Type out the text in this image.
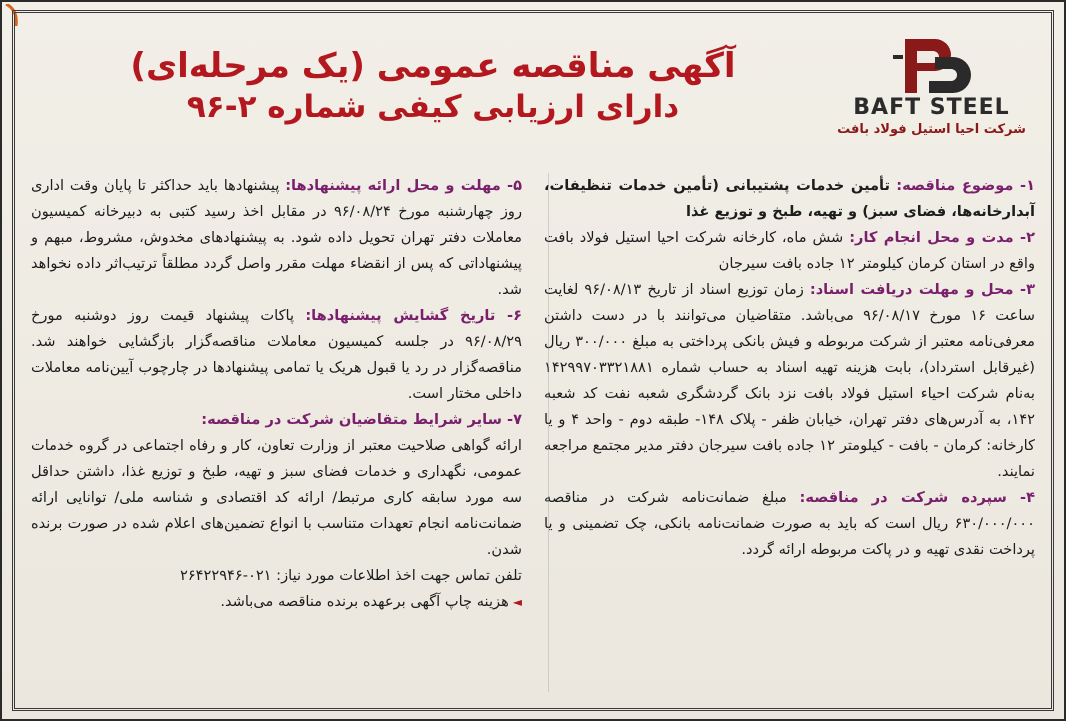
BAFT STEEL
شرکت احیا استیل فولاد بافت
آگهی مناقصه عمومی (یک مرحله‌ای)
دارای ارزیابی کیفی شماره ۲-۹۶

۱- موضوع مناقصه: تأمین خدمات پشتیبانی (تأمین خدمات تنظیفات، آبدارخانه‌ها، فضای سبز) و تهیه، طبخ و توزیع غذا

۲- مدت و محل انجام کار: شش ماه، کارخانه شرکت احیا استیل فولاد بافت واقع در استان کرمان کیلومتر ۱۲ جاده بافت سیرجان

۳- محل و مهلت دریافت اسناد: زمان توزیع اسناد از تاریخ ۹۶/۰۸/۱۳ لغایت ساعت ۱۶ مورخ ۹۶/۰۸/۱۷ می‌باشد. متقاضیان می‌توانند با در دست داشتن معرفی‌نامه معتبر از شرکت مربوطه و فیش بانکی پرداختی به مبلغ ۳۰۰/۰۰۰ ریال (غیرقابل استرداد)، بابت هزینه تهیه اسناد به حساب شماره ۱۴۲۹۹۷۰۳۳۲۱۸۸۱ به‌نام شرکت احیاء استیل فولاد بافت نزد بانک گردشگری شعبه نفت کد شعبه ۱۴۲، به آدرس‌های دفتر تهران، خیابان ظفر - پلاک ۱۴۸- طبقه دوم - واحد ۴ و یا کارخانه: کرمان - بافت - کیلومتر ۱۲ جاده بافت سیرجان دفتر مدیر مجتمع مراجعه نمایند.

۴- سپرده شرکت در مناقصه: مبلغ ضمانت‌نامه شرکت در مناقصه ۶۳۰/۰۰۰/۰۰۰ ریال است که باید به صورت ضمانت‌نامه بانکی، چک تضمینی و یا پرداخت نقدی تهیه و در پاکت مربوطه ارائه گردد.

۵- مهلت و محل ارائه پیشنهادها: پیشنهادها باید حداکثر تا پایان وقت اداری روز چهارشنبه مورخ ۹۶/۰۸/۲۴ در مقابل اخذ رسید کتبی به دبیرخانه کمیسیون معاملات دفتر تهران تحویل داده شود. به پیشنهادهای مخدوش، مشروط، مبهم و پیشنهاداتی که پس از انقضاء مهلت مقرر واصل گردد مطلقاً ترتیب‌اثر داده نخواهد شد.

۶- تاریخ گشایش پیشنهادها: پاکات پیشنهاد قیمت روز دوشنبه مورخ ۹۶/۰۸/۲۹ در جلسه کمیسیون معاملات مناقصه‌گزار بازگشایی خواهند شد. مناقصه‌گزار در رد یا قبول هریک یا تمامی پیشنهادها در چارچوب آیین‌نامه معاملات داخلی مختار است.

۷- سایر شرایط متقاضیان شرکت در مناقصه:
ارائه گواهی صلاحیت معتبر از وزارت تعاون، کار و رفاه اجتماعی در گروه خدمات عمومی، نگهداری و خدمات فضای سبز و تهیه، طبخ و توزیع غذا، داشتن حداقل سه مورد سابقه کاری مرتبط/ ارائه کد اقتصادی و شناسه ملی/ توانایی ارائه ضمانت‌نامه انجام تعهدات متناسب با انواع تضمین‌های اعلام شده در صورت برنده شدن.

تلفن تماس جهت اخذ اطلاعات مورد نیاز: ۰۲۱-۲۶۴۲۲۹۴۶

◄هزینه چاپ آگهی برعهده برنده مناقصه می‌باشد.
